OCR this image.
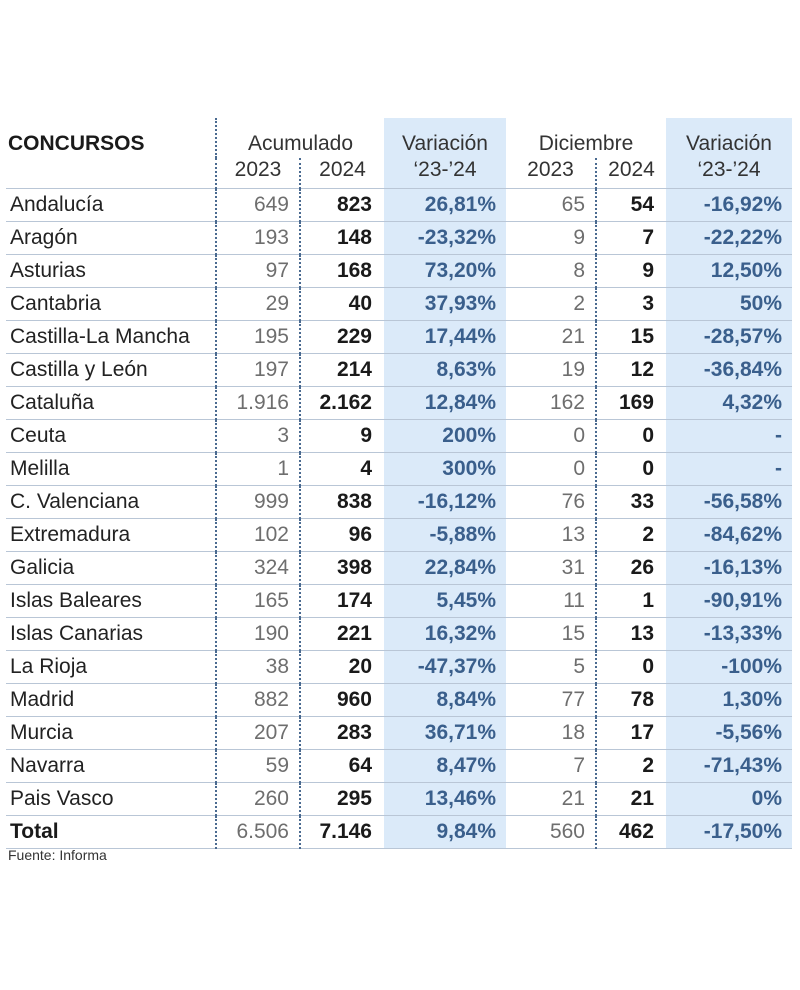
CONCURSOS	Acumulado		Variación	Diciembre		Variación
	2023	2024	‘23-’24	2023	2024	‘23-’24
Andalucía	649	823	26,81%	65	54	-16,92%
Aragón	193	148	-23,32%	9	7	-22,22%
Asturias	97	168	73,20%	8	9	12,50%
Cantabria	29	40	37,93%	2	3	50%
Castilla-La Mancha	195	229	17,44%	21	15	-28,57%
Castilla y León	197	214	8,63%	19	12	-36,84%
Cataluña	1.916	2.162	12,84%	162	169	4,32%
Ceuta	3	9	200%	0	0	-
Melilla	1	4	300%	0	0	-
C. Valenciana	999	838	-16,12%	76	33	-56,58%
Extremadura	102	96	-5,88%	13	2	-84,62%
Galicia	324	398	22,84%	31	26	-16,13%
Islas Baleares	165	174	5,45%	11	1	-90,91%
Islas Canarias	190	221	16,32%	15	13	-13,33%
La Rioja	38	20	-47,37%	5	0	-100%
Madrid	882	960	8,84%	77	78	1,30%
Murcia	207	283	36,71%	18	17	-5,56%
Navarra	59	64	8,47%	7	2	-71,43%
Pais Vasco	260	295	13,46%	21	21	0%
Total	6.506	7.146	9,84%	560	462	-17,50%
Fuente: Informa
